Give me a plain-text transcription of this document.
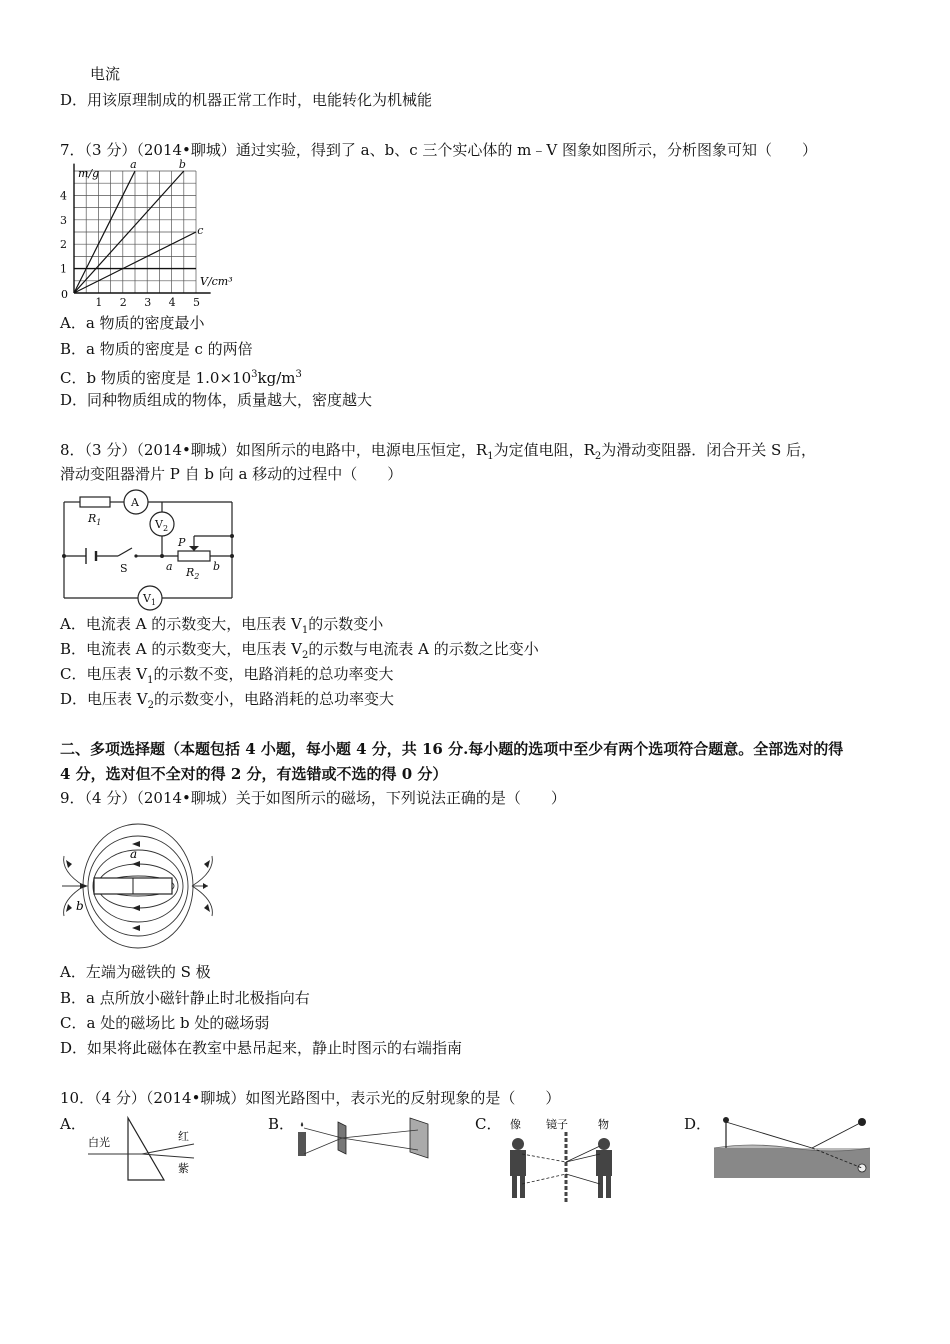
电流
D．用该原理制成的机器正常工作时，电能转化为机械能
7．（3 分）（2014•聊城）通过实验，得到了 a、b、c 三个实心体的 m﹣V 图象如图所示，分析图象可知（　　）
1 2 3 4 5
1
2
3
4
a	b
c
m/g
V/cm³
0
A．a 物质的密度最小
B．a 物质的密度是 c 的两倍
C．b 物质的密度是 $1.0\times 10^3kg/m^3$
D．同种物质组成的物体，质量越大，密度越大
8．（3 分）（2014•聊城）如图所示的电路中，电源电压恒定，$R_1$为定值电阻，$R_2$为滑动变阻器．闭合开关 S 后，
滑动变阻器滑片 P 自 b 向 a 移动的过程中（　　）
$R_1$
A
$V_2$
$V_1$
S
P
a	b
$R_2$
A．电流表 A 的示数变大，电压表 $V_1$的示数变小
B．电流表 A 的示数变大，电压表 $V_2$的示数与电流表 A 的示数之比变小
C．电压表 $V_1$的示数不变，电路消耗的总功率变大
D．电压表 $V_2$的示数变小，电路消耗的总功率变大
二、多项选择题（本题包括 4 小题，每小题 4 分，共 16 分.每小题的选项中至少有两个选项符合题意。全部选对的得
4 分，选对但不全对的得 2 分，有选错或不选的得 0 分）
9．（4 分）（2014•聊城）关于如图所示的磁场，下列说法正确的是（　　）
a
b
A．左端为磁铁的 S 极
B．a 点所放小磁针静止时北极指向右
C．a 处的磁场比 b 处的磁场弱
D．如果将此磁体在教室中悬吊起来，静止时图示的右端指南
10．（4 分）（2014•聊城）如图光路图中，表示光的反射现象的是（　　）
A．
白光	红
紫
B．	C． 像 镜子	物	D．
